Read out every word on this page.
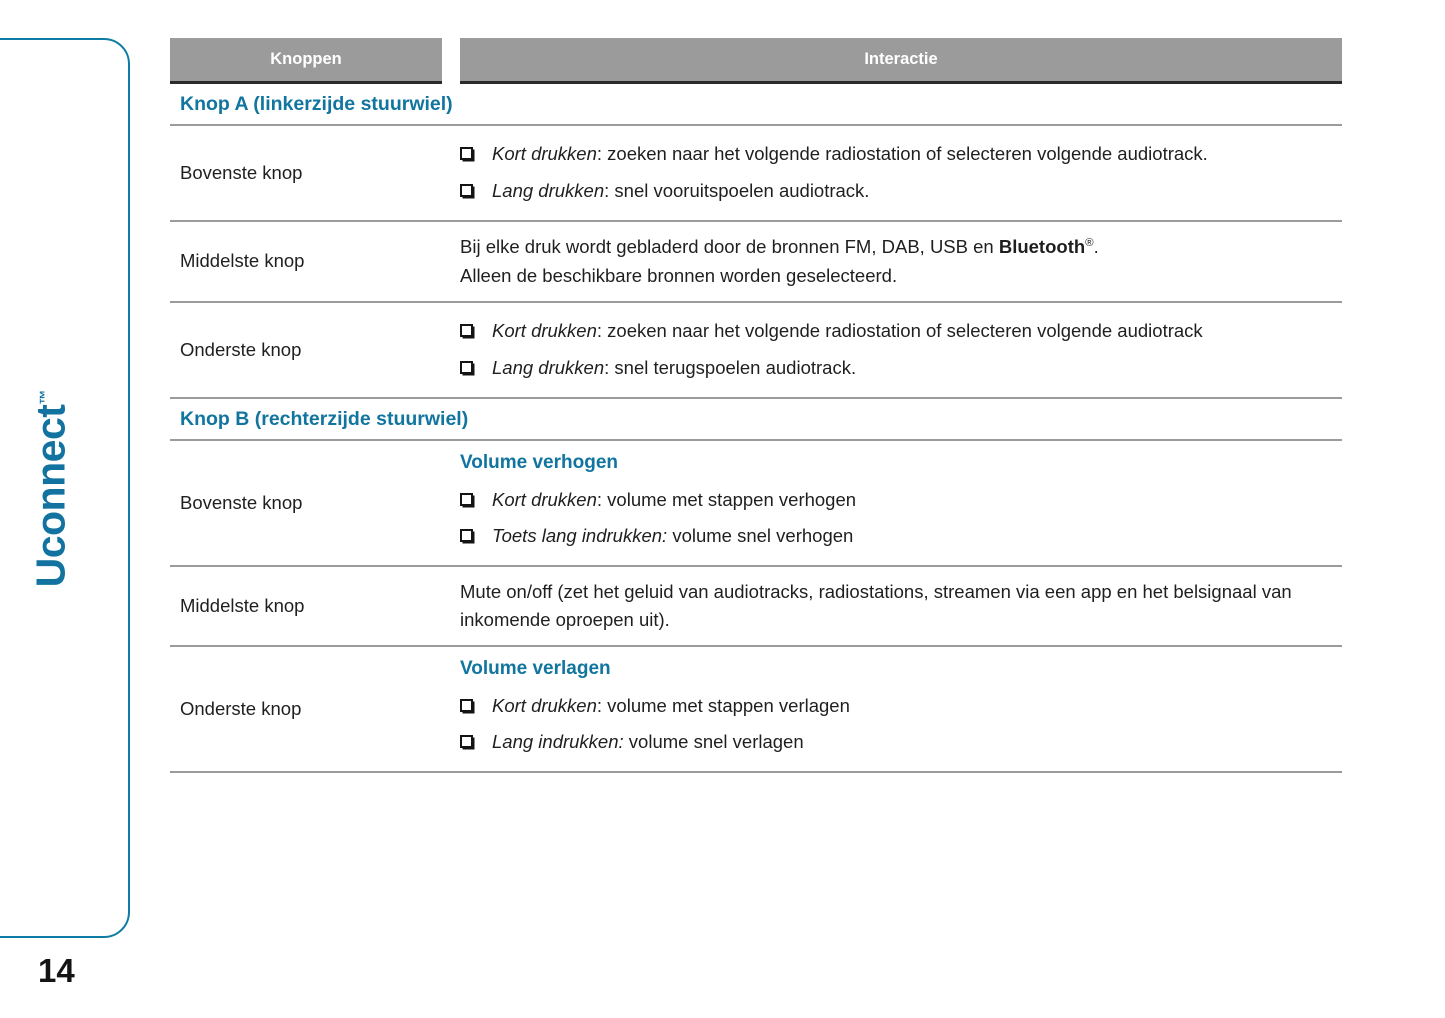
Uconnect™
14
Knoppen	Interactie
Knop A (linkerzijde stuurwiel)
Bovenste knop
Kort drukken: zoeken naar het volgende radiostation of selecteren volgende audiotrack.
Lang drukken: snel vooruitspoelen audiotrack.
Middelste knop
Bij elke druk wordt gebladerd door de bronnen FM, DAB, USB en Bluetooth®.
Alleen de beschikbare bronnen worden geselecteerd.
Onderste knop
Kort drukken: zoeken naar het volgende radiostation of selecteren volgende audiotrack
Lang drukken: snel terugspoelen audiotrack.
Knop B (rechterzijde stuurwiel)
Bovenste knop
Volume verhogen
Kort drukken: volume met stappen verhogen
Toets lang indrukken: volume snel verhogen
Middelste knop
Mute on/off (zet het geluid van audiotracks, radiostations, streamen via een app en het belsignaal van inkomende oproepen uit).
Onderste knop
Volume verlagen
Kort drukken: volume met stappen verlagen
Lang indrukken: volume snel verlagen
